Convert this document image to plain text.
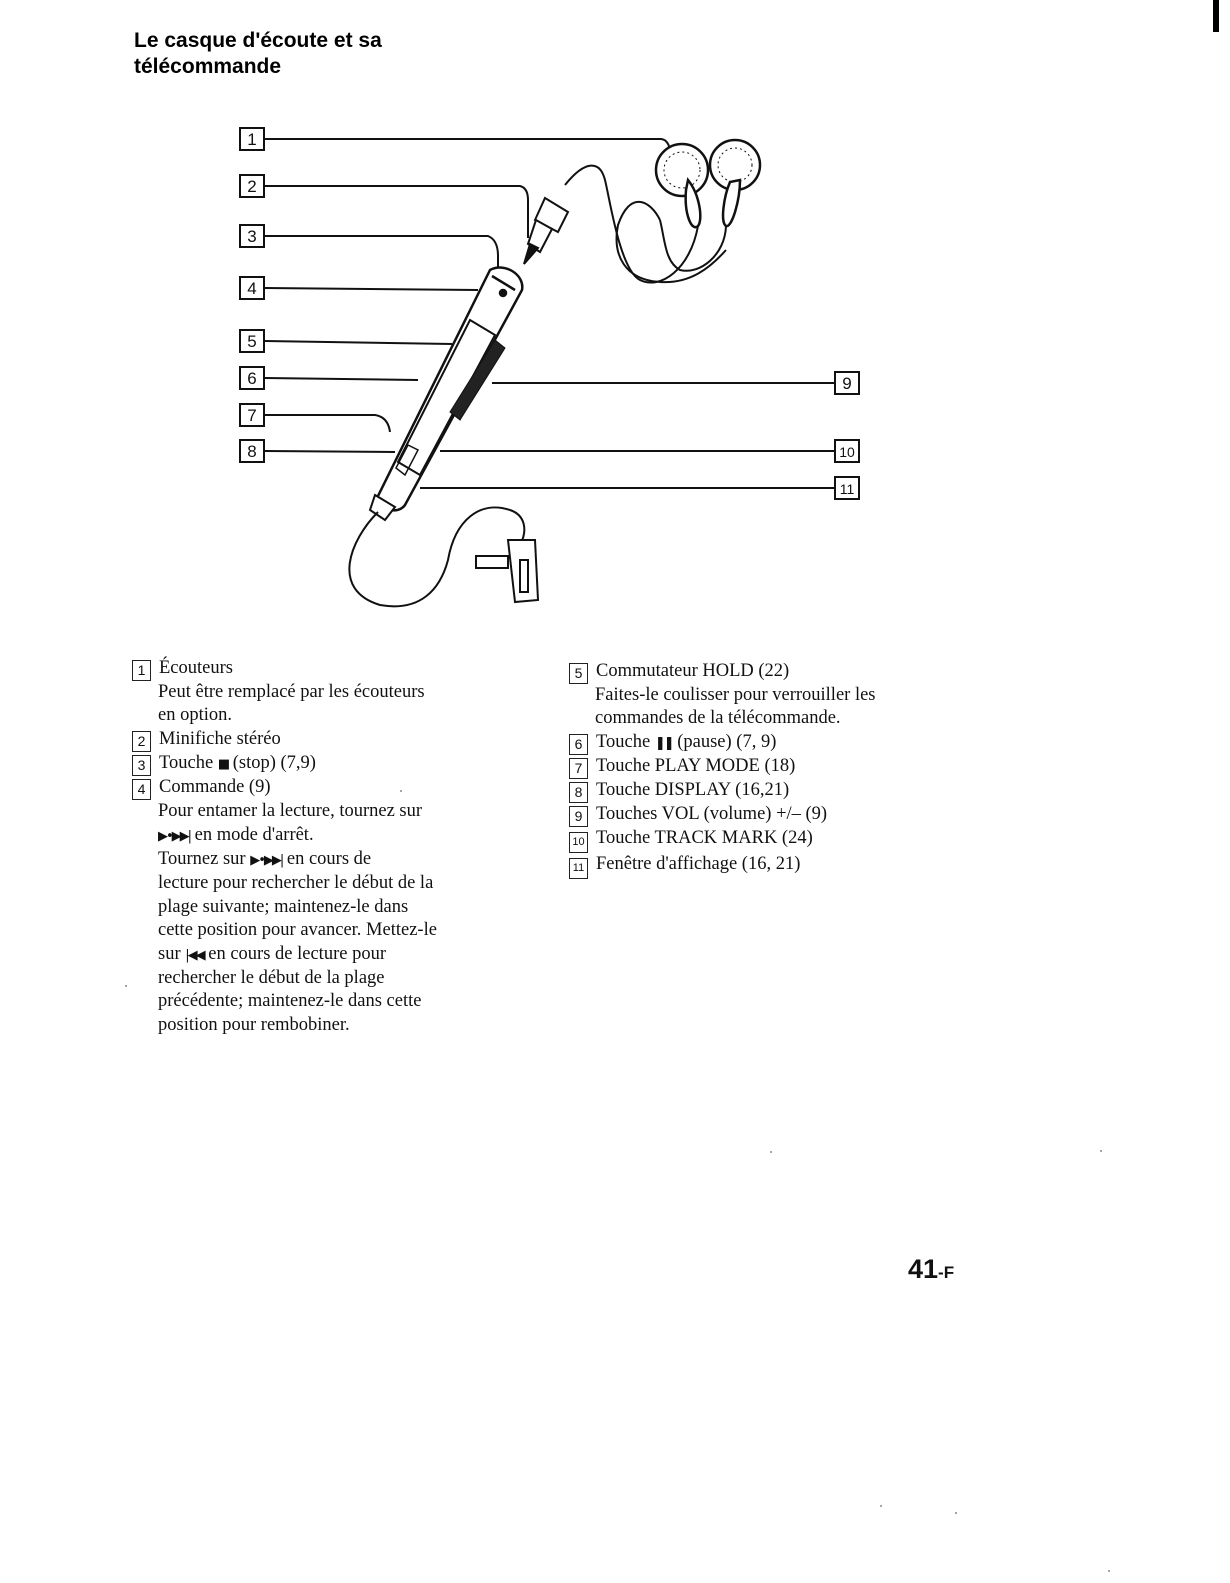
Le casque d'écoute et sa
télécommande
1
2
3
4
5
6
7
8
9
10
11
1 Écouteurs
Peut être remplacé par les écouteurs
en option.
2 Minifiche stéréo
3 Touche ■ (stop) (7,9)
4 Commande (9)
Pour entamer la lecture, tournez sur
▶•▶▶| en mode d'arrêt.
Tournez sur ▶•▶▶| en cours de
lecture pour rechercher le début de la
plage suivante; maintenez-le dans
cette position pour avancer. Mettez-le
sur |◀◀ en cours de lecture pour
rechercher le début de la plage
précédente; maintenez-le dans cette
position pour rembobiner.
5 Commutateur HOLD (22)
Faites-le coulisser pour verrouiller les
commandes de la télécommande.
6 Touche ❚❚ (pause) (7, 9)
7 Touche PLAY MODE (18)
8 Touche DISPLAY (16,21)
9 Touches VOL (volume) +/– (9)
10 Touche TRACK MARK (24)
11 Fenêtre d'affichage (16, 21)
41-F
